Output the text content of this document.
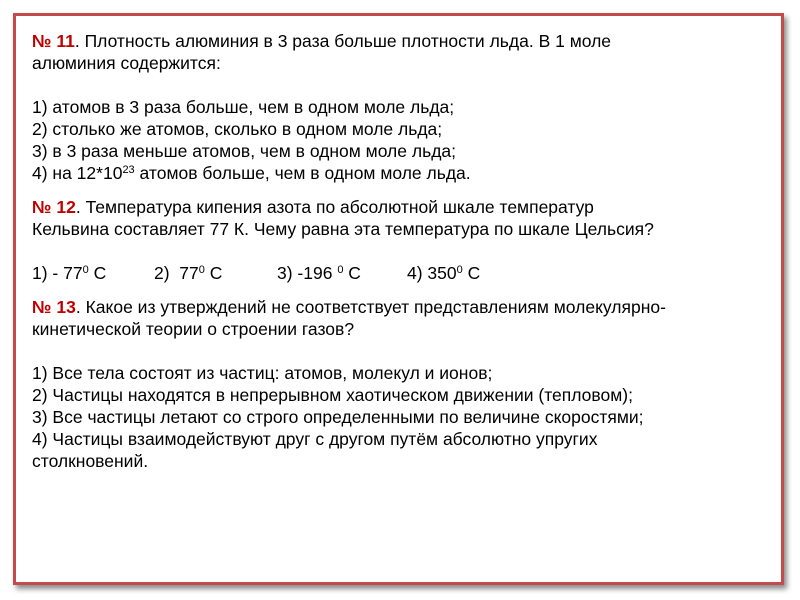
№ 11. Плотность алюминия в 3 раза больше плотности льда. В 1 моле
алюминия содержится:
1) атомов в 3 раза больше, чем в одном моле льда;
2) столько же атомов, сколько в одном моле льда;
3) в 3 раза меньше атомов, чем в одном моле льда;
4) на $12*10^{23}$ атомов больше, чем в одном моле льда.
№ 12. Температура кипения азота по абсолютной шкале температур
Кельвина составляет 77 К. Чему равна эта температура по шкале Цельсия?
$1) - 77^0$ С	2)  $77^0$ С	3) -196 $^0$ С	4) $350^0$ С
№ 13. Какое из утверждений не соответствует представлениям молекулярно-
кинетической теории о строении газов?
1) Все тела состоят из частиц: атомов, молекул и ионов;
2) Частицы находятся в непрерывном хаотическом движении (тепловом);
3) Все частицы летают со строго определенными по величине скоростями;
4) Частицы взаимодействуют друг с другом путём абсолютно упругих
столкновений.
